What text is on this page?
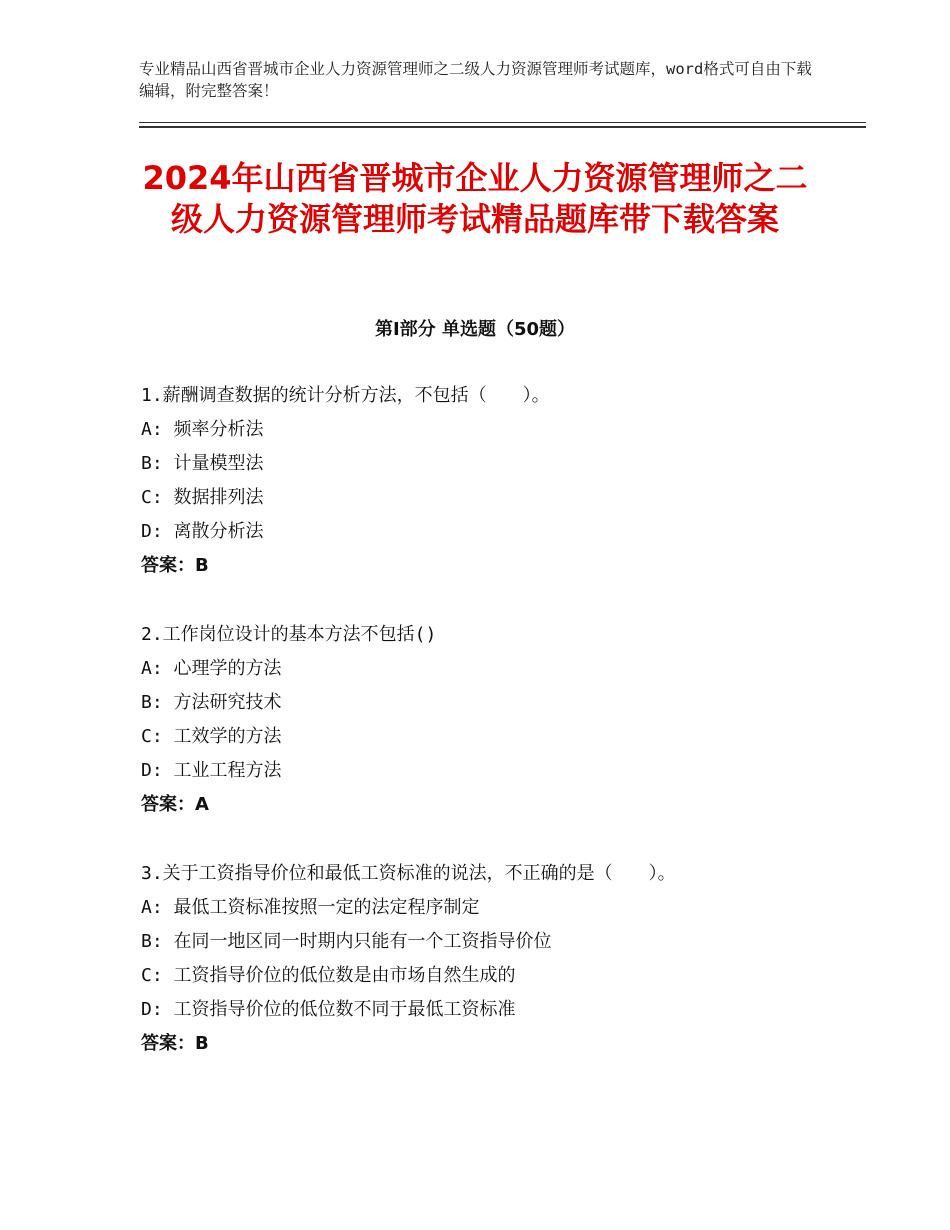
专业精品山西省晋城市企业人力资源管理师之二级人力资源管理师考试题库，word格式可自由下载编辑，附完整答案！
2024年山西省晋城市企业人力资源管理师之二级人力资源管理师考试精品题库带下载答案
第Ⅰ部分 单选题（50题）
1.薪酬调查数据的统计分析方法，不包括（　　）。
A: 频率分析法
B: 计量模型法
C: 数据排列法
D: 离散分析法
答案：B
2.工作岗位设计的基本方法不包括()
A: 心理学的方法
B: 方法研究技术
C: 工效学的方法
D: 工业工程方法
答案：A
3.关于工资指导价位和最低工资标准的说法，不正确的是（　　）。
A: 最低工资标准按照一定的法定程序制定
B: 在同一地区同一时期内只能有一个工资指导价位
C: 工资指导价位的低位数是由市场自然生成的
D: 工资指导价位的低位数不同于最低工资标准
答案：B
